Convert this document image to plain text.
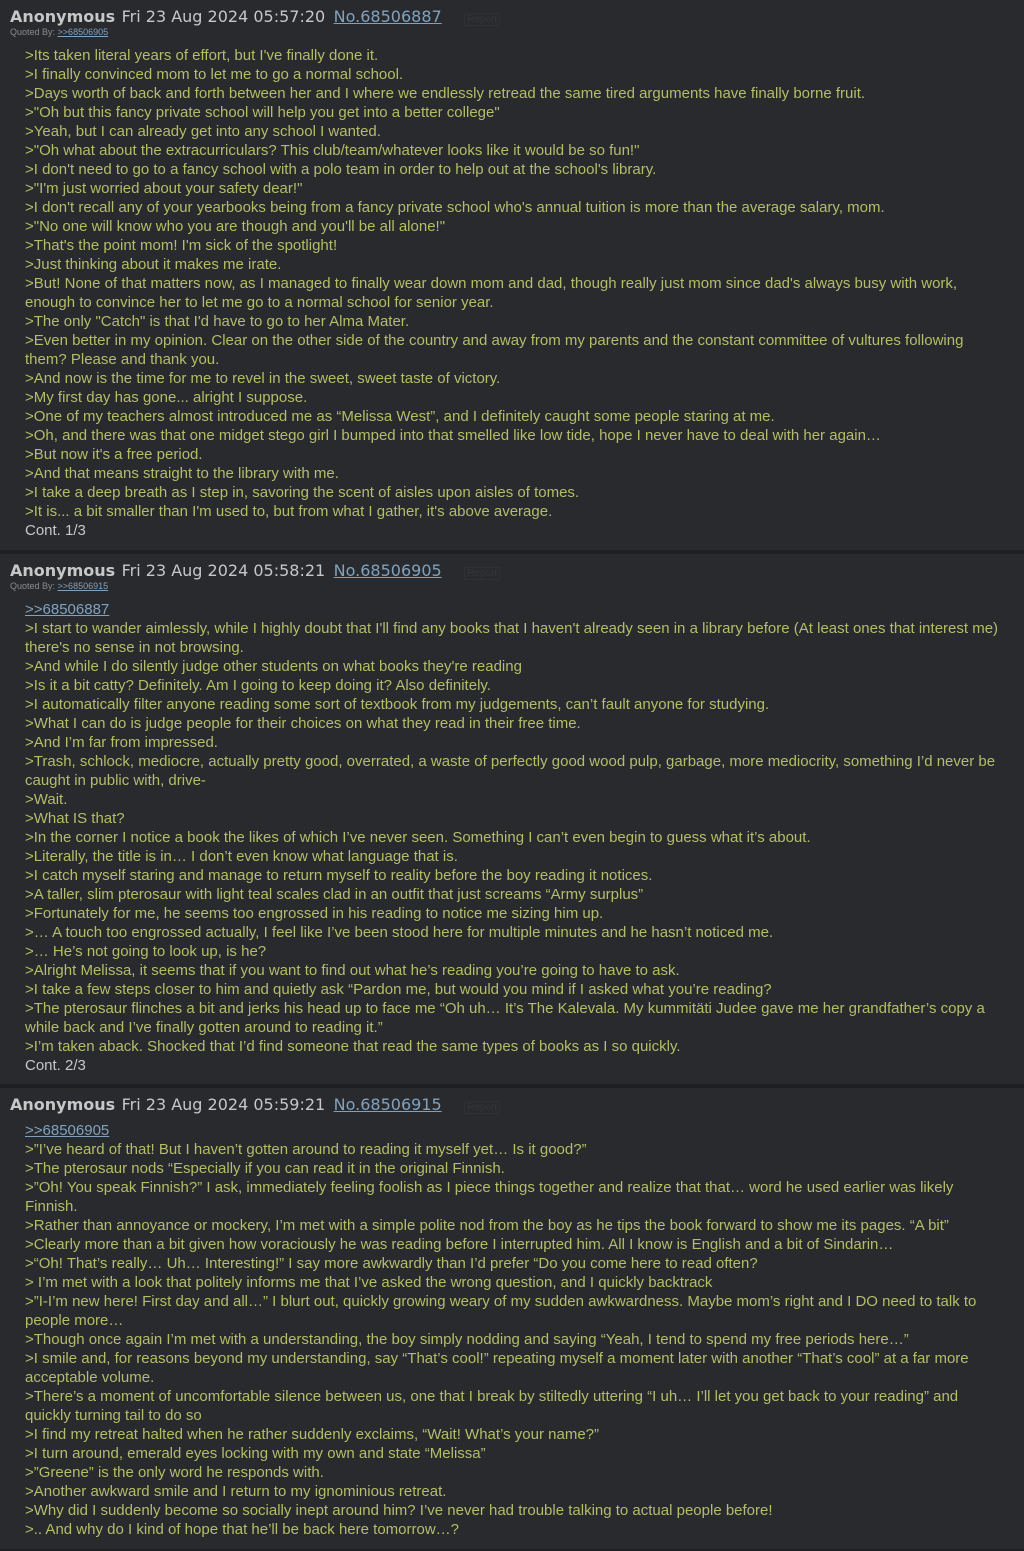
Anonymous Fri 23 Aug 2024 05:57:20 No.68506887	Report
Quoted By: >>68506905
>Its taken literal years of effort, but I've finally done it.
>I finally convinced mom to let me to go a normal school.
>Days worth of back and forth between her and I where we endlessly retread the same tired arguments have finally borne fruit.
>"Oh but this fancy private school will help you get into a better college"
>Yeah, but I can already get into any school I wanted.
>"Oh what about the extracurriculars? This club/team/whatever looks like it would be so fun!"
>I don't need to go to a fancy school with a polo team in order to help out at the school's library.
>"I'm just worried about your safety dear!"
>I don't recall any of your yearbooks being from a fancy private school who's annual tuition is more than the average salary, mom.
>"No one will know who you are though and you'll be all alone!"
>That's the point mom! I'm sick of the spotlight!
>Just thinking about it makes me irate.
>But! None of that matters now, as I managed to finally wear down mom and dad, though really just mom since dad's always busy with work, enough to convince her to let me go to a normal school for senior year.
>The only "Catch" is that I'd have to go to her Alma Mater.
>Even better in my opinion. Clear on the other side of the country and away from my parents and the constant committee of vultures following them? Please and thank you.
>And now is the time for me to revel in the sweet, sweet taste of victory.
>My first day has gone... alright I suppose.
>One of my teachers almost introduced me as “Melissa West”, and I definitely caught some people staring at me.
>Oh, and there was that one midget stego girl I bumped into that smelled like low tide, hope I never have to deal with her again…
>But now it's a free period.
>And that means straight to the library with me.
>I take a deep breath as I step in, savoring the scent of aisles upon aisles of tomes.
>It is... a bit smaller than I'm used to, but from what I gather, it's above average.
Cont. 1/3
Anonymous Fri 23 Aug 2024 05:58:21 No.68506905	Report
Quoted By: >>68506915
>>68506887
>I start to wander aimlessly, while I highly doubt that I'll find any books that I haven't already seen in a library before (At least ones that interest me) there's no sense in not browsing.
>And while I do silently judge other students on what books they're reading
>Is it a bit catty? Definitely. Am I going to keep doing it? Also definitely.
>I automatically filter anyone reading some sort of textbook from my judgements, can’t fault anyone for studying.
>What I can do is judge people for their choices on what they read in their free time.
>And I’m far from impressed.
>Trash, schlock, mediocre, actually pretty good, overrated, a waste of perfectly good wood pulp, garbage, more mediocrity, something I’d never be caught in public with, drive-
>Wait.
>What IS that?
>In the corner I notice a book the likes of which I’ve never seen. Something I can’t even begin to guess what it’s about.
>Literally, the title is in… I don’t even know what language that is.
>I catch myself staring and manage to return myself to reality before the boy reading it notices.
>A taller, slim pterosaur with light teal scales clad in an outfit that just screams “Army surplus”
>Fortunately for me, he seems too engrossed in his reading to notice me sizing him up.
>… A touch too engrossed actually, I feel like I’ve been stood here for multiple minutes and he hasn’t noticed me.
>… He’s not going to look up, is he?
>Alright Melissa, it seems that if you want to find out what he’s reading you’re going to have to ask.
>I take a few steps closer to him and quietly ask “Pardon me, but would you mind if I asked what you’re reading?
>The pterosaur flinches a bit and jerks his head up to face me “Oh uh… It’s The Kalevala. My kummitäti Judee gave me her grandfather’s copy a while back and I’ve finally gotten around to reading it.”
>I’m taken aback. Shocked that I’d find someone that read the same types of books as I so quickly.
Cont. 2/3
Anonymous Fri 23 Aug 2024 05:59:21 No.68506915	Report
>>68506905
>”I’ve heard of that! But I haven’t gotten around to reading it myself yet… Is it good?”
>The pterosaur nods “Especially if you can read it in the original Finnish.
>”Oh! You speak Finnish?” I ask, immediately feeling foolish as I piece things together and realize that that… word he used earlier was likely Finnish.
>Rather than annoyance or mockery, I’m met with a simple polite nod from the boy as he tips the book forward to show me its pages. “A bit”
>Clearly more than a bit given how voraciously he was reading before I interrupted him. All I know is English and a bit of Sindarin…
>“Oh! That’s really… Uh… Interesting!” I say more awkwardly than I’d prefer “Do you come here to read often?
> I’m met with a look that politely informs me that I’ve asked the wrong question, and I quickly backtrack
>”I-I’m new here! First day and all…” I blurt out, quickly growing weary of my sudden awkwardness. Maybe mom’s right and I DO need to talk to people more…
>Though once again I’m met with a understanding, the boy simply nodding and saying “Yeah, I tend to spend my free periods here…”
>I smile and, for reasons beyond my understanding, say “That’s cool!” repeating myself a moment later with another “That’s cool” at a far more acceptable volume.
>There’s a moment of uncomfortable silence between us, one that I break by stiltedly uttering “I uh… I’ll let you get back to your reading” and quickly turning tail to do so
>I find my retreat halted when he rather suddenly exclaims, “Wait! What’s your name?”
>I turn around, emerald eyes locking with my own and state “Melissa”
>”Greene” is the only word he responds with.
>Another awkward smile and I return to my ignominious retreat.
>Why did I suddenly become so socially inept around him? I’ve never had trouble talking to actual people before!
>.. And why do I kind of hope that he’ll be back here tomorrow…?
